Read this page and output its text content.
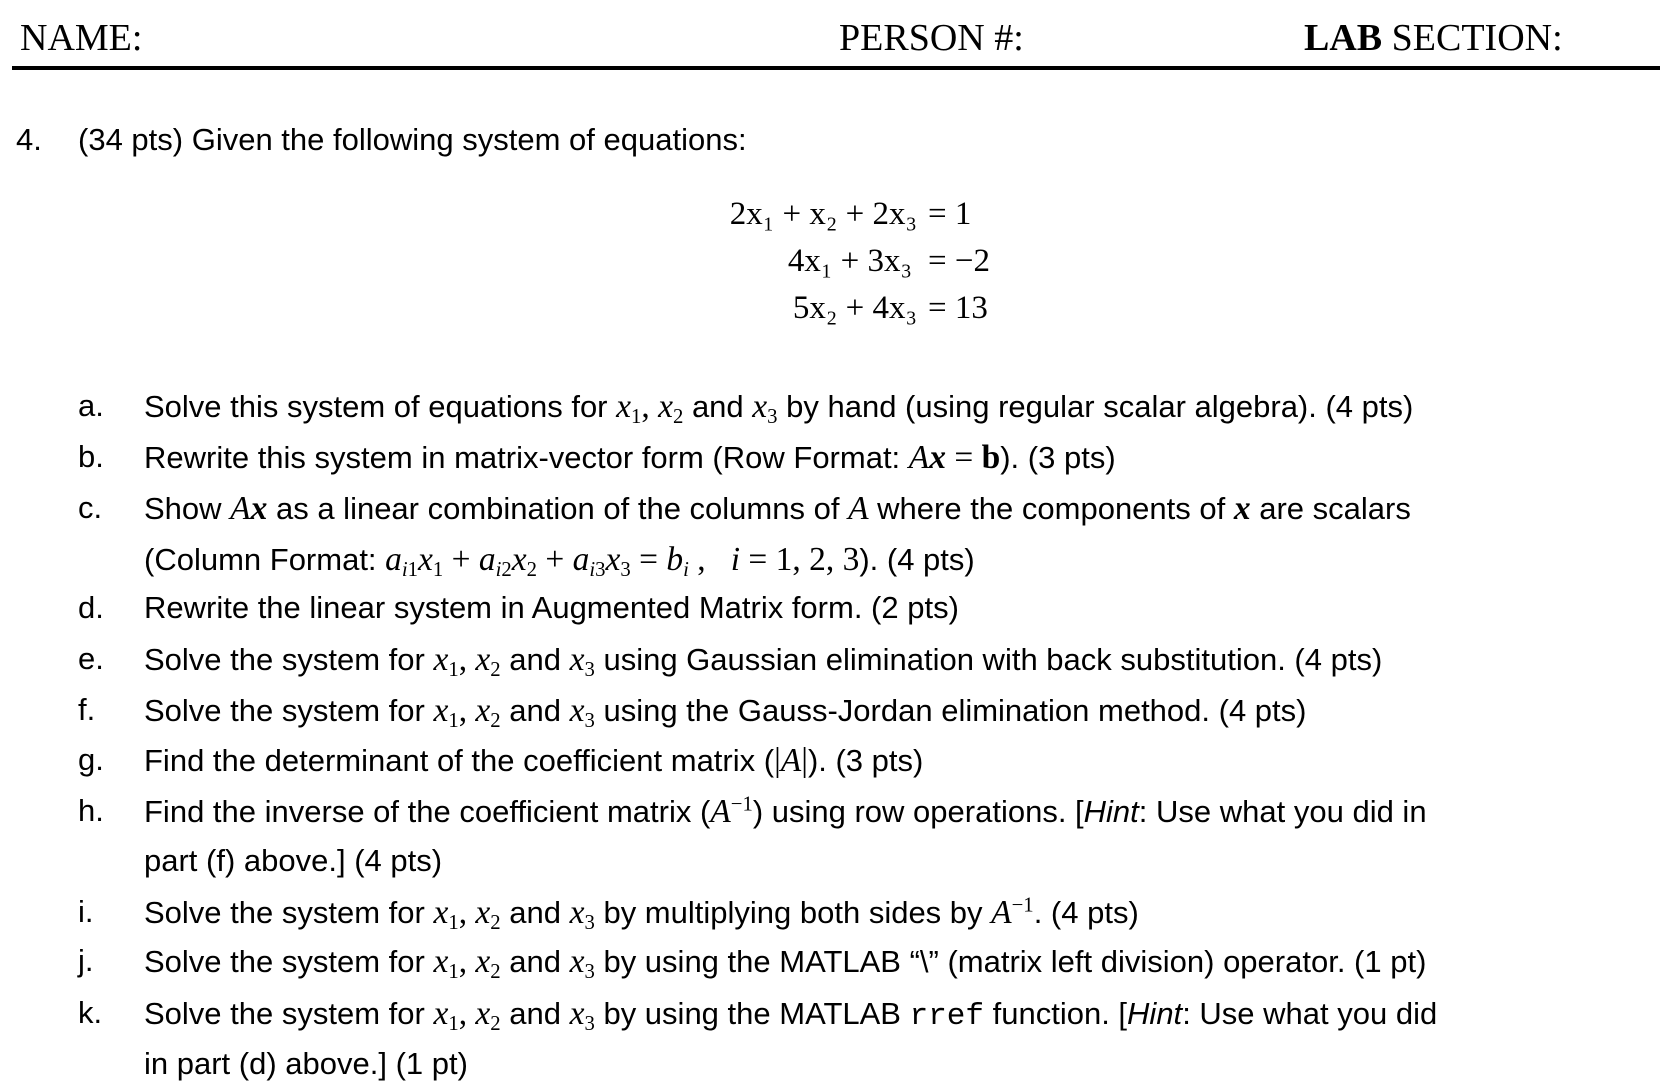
NAME:	PERSON #:	LAB SECTION:
4. (34 pts) Given the following system of equations:
2x₁ + x₂ + 2x₃ = 1
4x₁ + 3x₃ = −2
5x₂ + 4x₃ = 13
a.	Solve this system of equations for $x_1$, $x_2$ and $x_3$ by hand (using regular scalar algebra). (4 pts)
b.	Rewrite this system in matrix-vector form (Row Format: Ax = b). (3 pts)
c.	Show Ax as a linear combination of the columns of A where the components of x are scalars
(Column Format: $a_{i1}x_1 + a_{i2}x_2 + a_{i3}x_3 = b_i$ ,   i = 1, 2, 3). (4 pts)
d.	Rewrite the linear system in Augmented Matrix form. (2 pts)
e.	Solve the system for $x_1$, $x_2$ and $x_3$ using Gaussian elimination with back substitution. (4 pts)
f.	Solve the system for $x_1$, $x_2$ and $x_3$ using the Gauss-Jordan elimination method. (4 pts)
g.	Find the determinant of the coefficient matrix (|A|). (3 pts)
h.	Find the inverse of the coefficient matrix $(A^{-1})$ using row operations. [Hint: Use what you did in
part (f) above.] (4 pts)
i.	Solve the system for $x_1$, $x_2$ and $x_3$ by multiplying both sides by $A^{-1}$. (4 pts)
j.	Solve the system for $x_1$, $x_2$ and $x_3$ by using the MATLAB “\” (matrix left division) operator. (1 pt)
k.	Solve the system for $x_1$, $x_2$ and $x_3$ by using the MATLAB rref function. [Hint: Use what you did
in part (d) above.] (1 pt)
